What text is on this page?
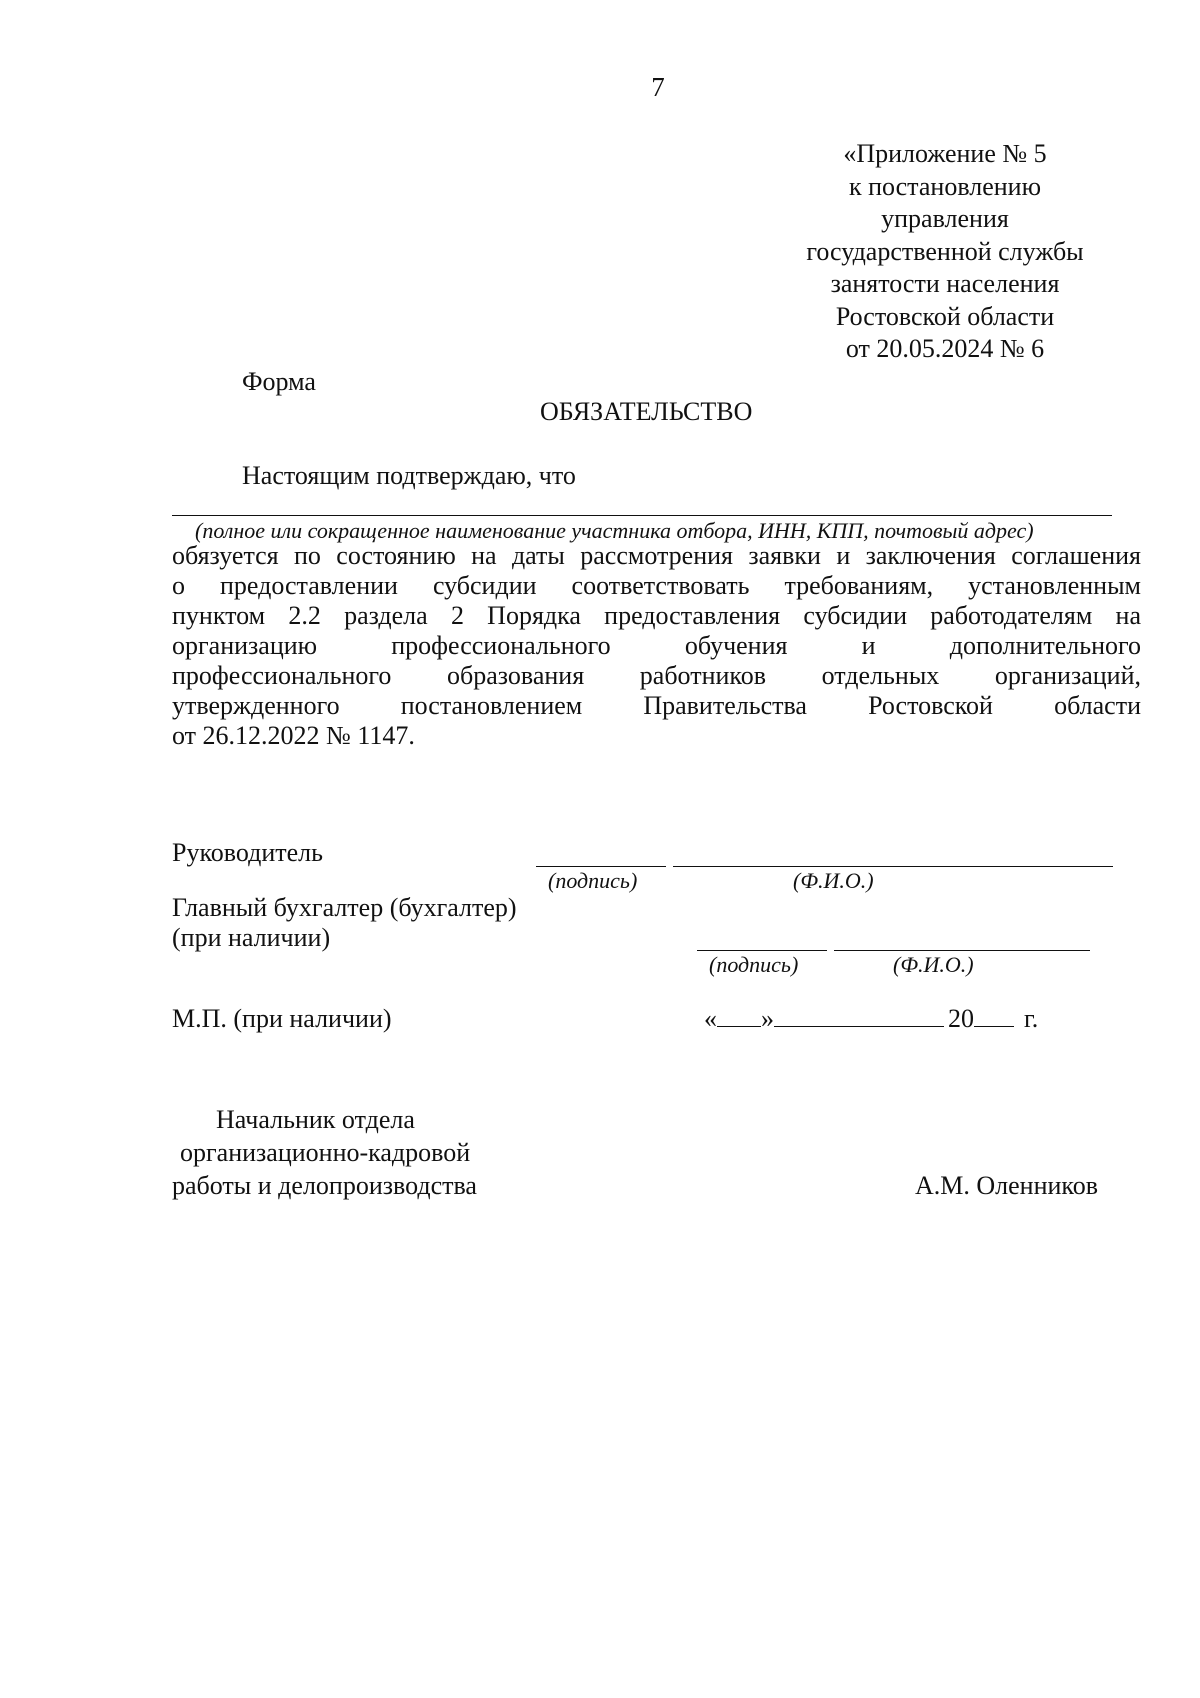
7
«Приложение № 5
к постановлению
управления
государственной службы
занятости населения
Ростовской области
от 20.05.2024 № 6
Форма
ОБЯЗАТЕЛЬСТВО
Настоящим подтверждаю, что
(полное или сокращенное наименование участника отбора, ИНН, КПП, почтовый адрес)
обязуется по состоянию на даты рассмотрения заявки и заключения соглашения
о предоставлении субсидии соответствовать требованиям, установленным
пунктом 2.2 раздела 2 Порядка предоставления субсидии работодателям на
организацию профессионального обучения и дополнительного
профессионального образования работников отдельных организаций,
утвержденного постановлением Правительства Ростовской области
от 26.12.2022 № 1147.
Руководитель
(подпись)	(Ф.И.О.)
Главный бухгалтер (бухгалтер)
(при наличии)
(подпись)	(Ф.И.О.)
М.П. (при наличии)	« »	20 г.
Начальник отдела
организационно-кадровой
работы и делопроизводства	А.М. Оленников
